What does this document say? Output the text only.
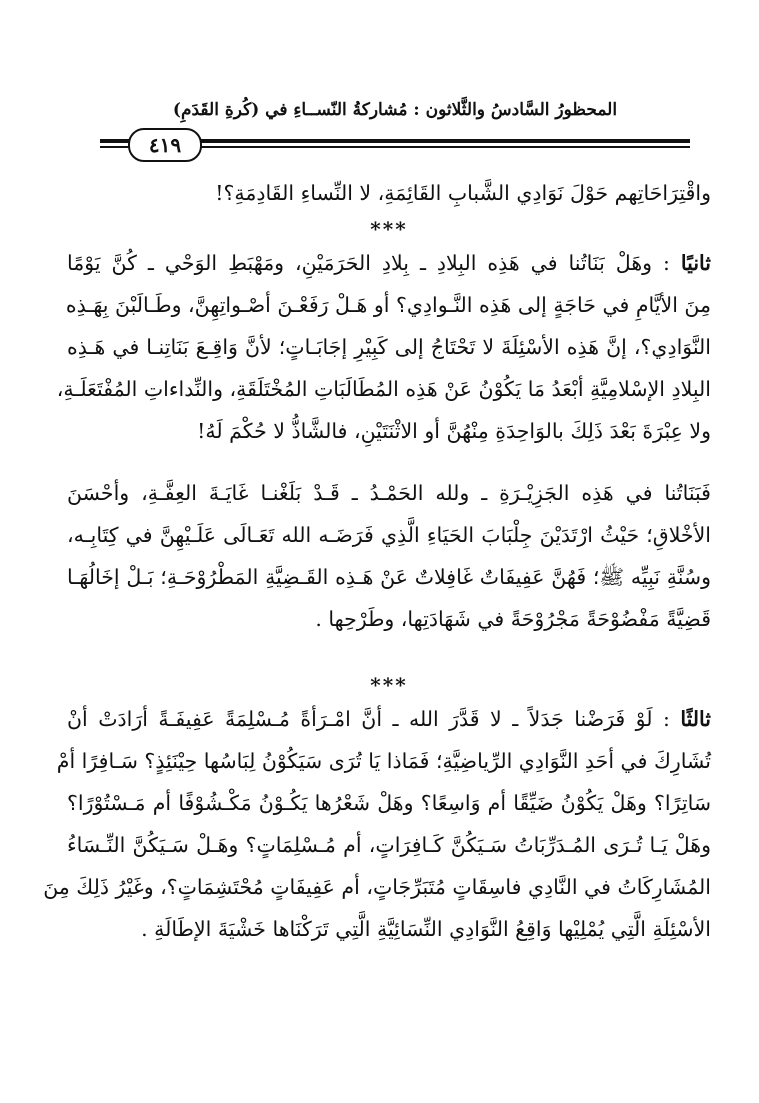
المحظورُ السَّادسُ والثَّلاثون : مُشاركةُ النّســاءِ في (كُرةِ القَدَمِ)
٤١٩
واقْتِرَاحَاتِهم حَوْلَ نَوَادِي الشَّبابِ القَائِمَةِ، لا النِّساءِ القَادِمَةِ؟!
***
ثانيًا : وهَلْ بَنَاتُنا في هَذِه البِلادِ ـ بِلادِ الحَرَمَيْنِ، ومَهْبَطِ الوَحْي ـ كُنَّ يَوْمًا
مِنَ الأيَّامِ في حَاجَةٍ إلى هَذِه النَّـوادِي؟ أو هَـلْ رَفَعْـنَ أصْـواتِهِنَّ، وطَـالَبْنَ بِهَـذِه
النَّوَادِي؟، إنَّ هَذِه الأسْئِلَةَ لا تَحْتَاجُ إلى كَبِيْرِ إجَابَـاتٍ؛ لأنَّ وَاقِـعَ بَنَاتِنـا في هَـذِه
البِلادِ الإسْلامِيَّةِ أبْعَدُ مَا يَكُوْنُ عَنْ هَذِه المُطَالَبَاتِ المُخْتَلَقَةِ، والنِّداءاتِ المُفْتَعَلَـةِ،
ولا عِبْرَةَ بَعْدَ ذَلِكَ بالوَاحِدَةِ مِنْهُنَّ أو الاثْنَتَيْنِ، فالشَّاذُّ لا حُكْمَ لَهُ!
فَبَنَاتُنا في هَذِه الجَزِيْـرَةِ ـ ولله الحَمْـدُ ـ قَـدْ بَلَغْنـا غَايَـةَ العِفَّـةِ، وأحْسَنَ
الأخْلاقِ؛ حَيْثُ ارْتَدَيْنَ جِلْبَابَ الحَيَاءِ الَّذِي فَرَضَـه الله تَعَـالَى عَلَـيْهِنَّ في كِتَابِـه،
وسُنَّةِ نَبِيِّه ﷺ؛ فَهُنَّ عَفِيفَاتٌ غَافِلاتٌ عَنْ هَـذِه القَـضِيَّةِ المَطْرُوْحَـةِ؛ بَـلْ إخَالُهَـا
قَضِيَّةً مَفْضُوْحَةً مَجْرُوْحَةً في شَهَادَتِها، وطَرْحِها .
***
ثالثًا : لَوْ فَرَضْنا جَدَلاً ـ لا قَدَّرَ الله ـ أنَّ امْـرَأةً مُـسْلِمَةً عَفِيفَـةً أرَادَتْ أنْ
تُشَارِكَ في أحَدِ النَّوَادِي الرِّياضِيَّةِ؛ فَمَاذا يَا تُرَى سَيَكُوْنُ لِبَاسُها حِيْنَئِذٍ؟ سَـافِرًا أمْ
سَاتِرًا؟ وهَلْ يَكُوْنُ ضَيِّقًا أم وَاسِعًا؟ وهَلْ شَعْرُها يَكُـوْنُ مَكْـشُوْفًا أم مَـسْتُوْرًا؟
وهَلْ يَـا تُـرَى المُـدَرِّبَاتُ سَـيَكُنَّ كَـافِرَاتٍ، أم مُـسْلِمَاتٍ؟ وهَـلْ سَـيَكُنَّ النِّـسَاءُ
المُشَارِكَاتُ في النَّادِي فاسِقَاتٍ مُتَبَرِّجَاتٍ، أم عَفِيفَاتٍ مُحْتَشِمَاتٍ؟، وغَيْرُ ذَلِكَ مِنَ
الأسْئِلَةِ الَّتِي يُمْلِيْها وَاقِعُ النَّوَادِي النِّسَائِيَّةِ الَّتِي تَرَكْنَاها خَشْيَةَ الإطَالَةِ .
